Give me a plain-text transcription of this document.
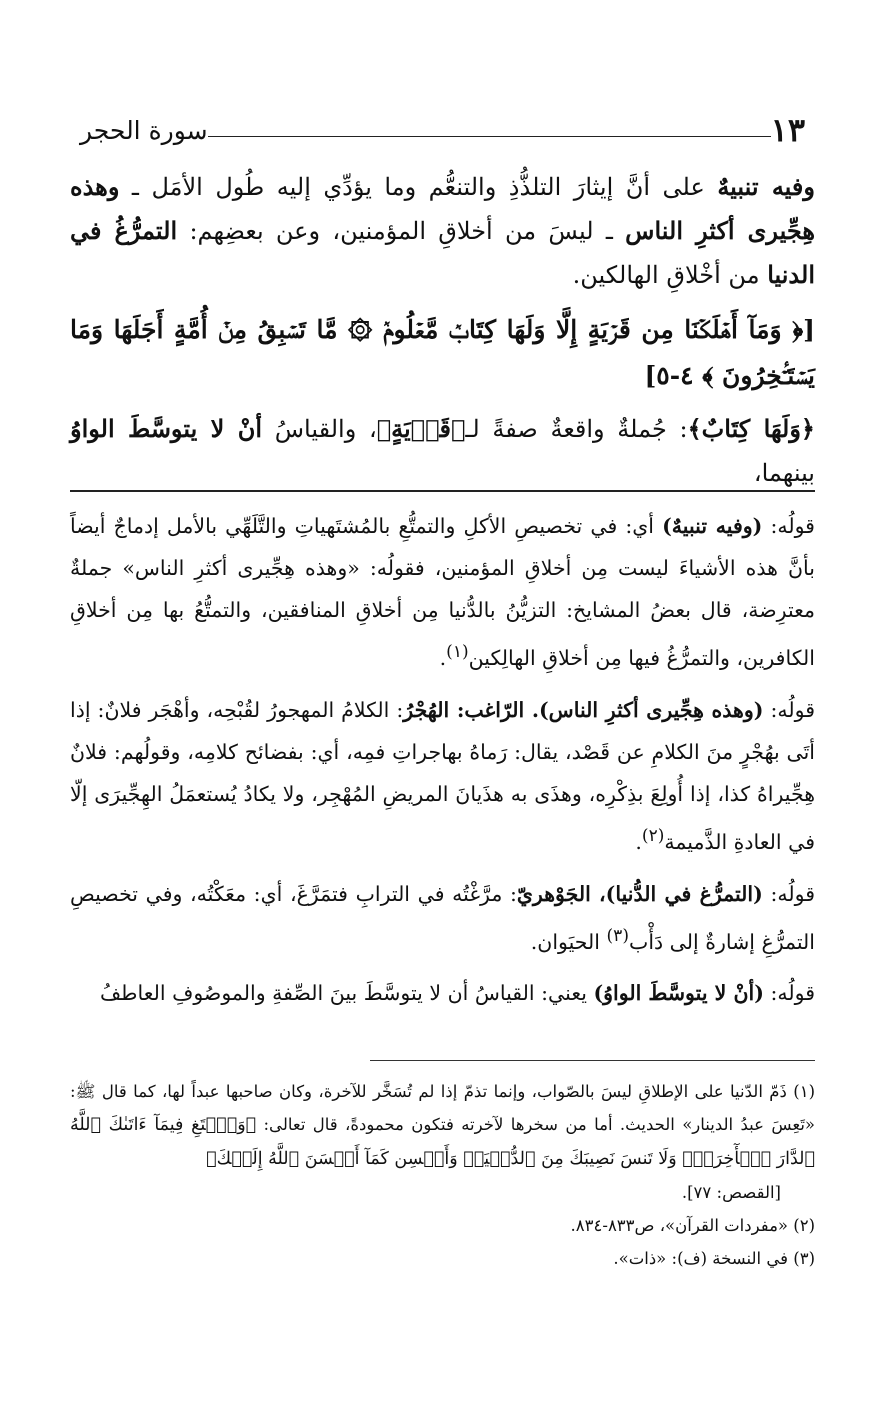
١٣
سورة الحجر

وفيه تنبيهٌ على أنَّ إيثارَ التلذُّذِ والتنعُّم وما يؤدِّي إليه طُول الأمَل ـ وهذه هِجِّيرى أكثرِ الناس ـ ليسَ من أخلاقِ المؤمنين، وعن بعضِهم: التمرُّغُ في الدنيا من أخْلاقِ الهالكين.

[﴿ وَمَآ أَهۡلَكۡنَا مِن قَرۡيَةٍ إِلَّا وَلَهَا كِتَابٞ مَّعۡلُومٞ ۞ مَّا تَسۡبِقُ مِنۡ أُمَّةٍ أَجَلَهَا وَمَا يَسۡتَـٔۡخِرُونَ ﴾ ٤-٥]

﴿وَلَهَا كِتَابٌ﴾: جُملةٌ واقعةٌ صفةً لـ﴿قَرۡيَةٍ﴾، والقياسُ أنْ لا يتوسَّطَ الواوُ بينهما،

قولُه: (وفيه تنبيهٌ) أي: في تخصيصِ الأكلِ والتمتُّعِ بالمُشتَهياتِ والتَّلَهِّي بالأمل إدماجٌ أيضاً بأنَّ هذه الأشياءَ ليست مِن أخلاقِ المؤمنين، فقولُه: «وهذه هِجِّيرى أكثرِ الناس» جملةٌ معترِضة، قال بعضُ المشايخ: التزيُّنُ بالدُّنيا مِن أخلاقِ المنافقين، والتمتُّعُ بها مِن أخلاقِ الكافرين، والتمرُّغُ فيها مِن أخلاقِ الهالِكين$^{(١)}$.

قولُه: (وهذه هِجِّيرى أكثرِ الناس). الرّاغب: الهُجْرُ: الكلامُ المهجورُ لقُبْحِه، وأهْجَر فلانٌ: إذا أتَى بهُجْرٍ منَ الكلامِ عن قَصْد، يقال: رَماهُ بهاجراتِ فمِه، أي: بفضائح كلامِه، وقولُهم: فلانٌ هِجِّيراهُ كذا، إذا أُولِعَ بذِكْرِه، وهذَى به هذَيانَ المريضِ المُهْجِر، ولا يكادُ يُستعمَلُ الهِجِّيرَى إلّا في العادةِ الذَّميمة$^{(٢)}$.

قولُه: (التمرُّغ في الدُّنيا)، الجَوْهريّ: مرَّغْتُه في الترابِ فتمَرَّغَ، أي: معَكْتُه، وفي تخصيصِ التمرُّغِ إشارةٌ إلى دَأْب$^{(٣)}$ الحيَوان.

قولُه: (أنْ لا يتوسَّطَ الواوُ) يعني: القياسُ أن لا يتوسَّطَ بينَ الصِّفةِ والموصُوفِ العاطفُ

(١) ذَمّ الدّنيا على الإطلاقِ ليسَ بالصّواب، وإنما تذمّ إذا لم تُسَخَّر للآخرة، وكان صاحبها عبداً لها، كما قال ﷺ: «تَعِسَ عبدُ الدينار» الحديث. أما من سخرها لآخرته فتكون محمودةً، قال تعالى: ﴿وَٱبۡتَغِ فِيمَآ ءَاتَىٰكَ ٱللَّهُ ٱلدَّارَ ٱلۡأٓخِرَةَۖ وَلَا تَنسَ نَصِيبَكَ مِنَ ٱلدُّنۡيَاۖ وَأَحۡسِن كَمَآ أَحۡسَنَ ٱللَّهُ إِلَيۡكَ﴾

[القصص: ٧٧].

(٢) «مفردات القرآن»، ص٨٣٣-٨٣٤.

(٣) في النسخة (ف): «ذات».
